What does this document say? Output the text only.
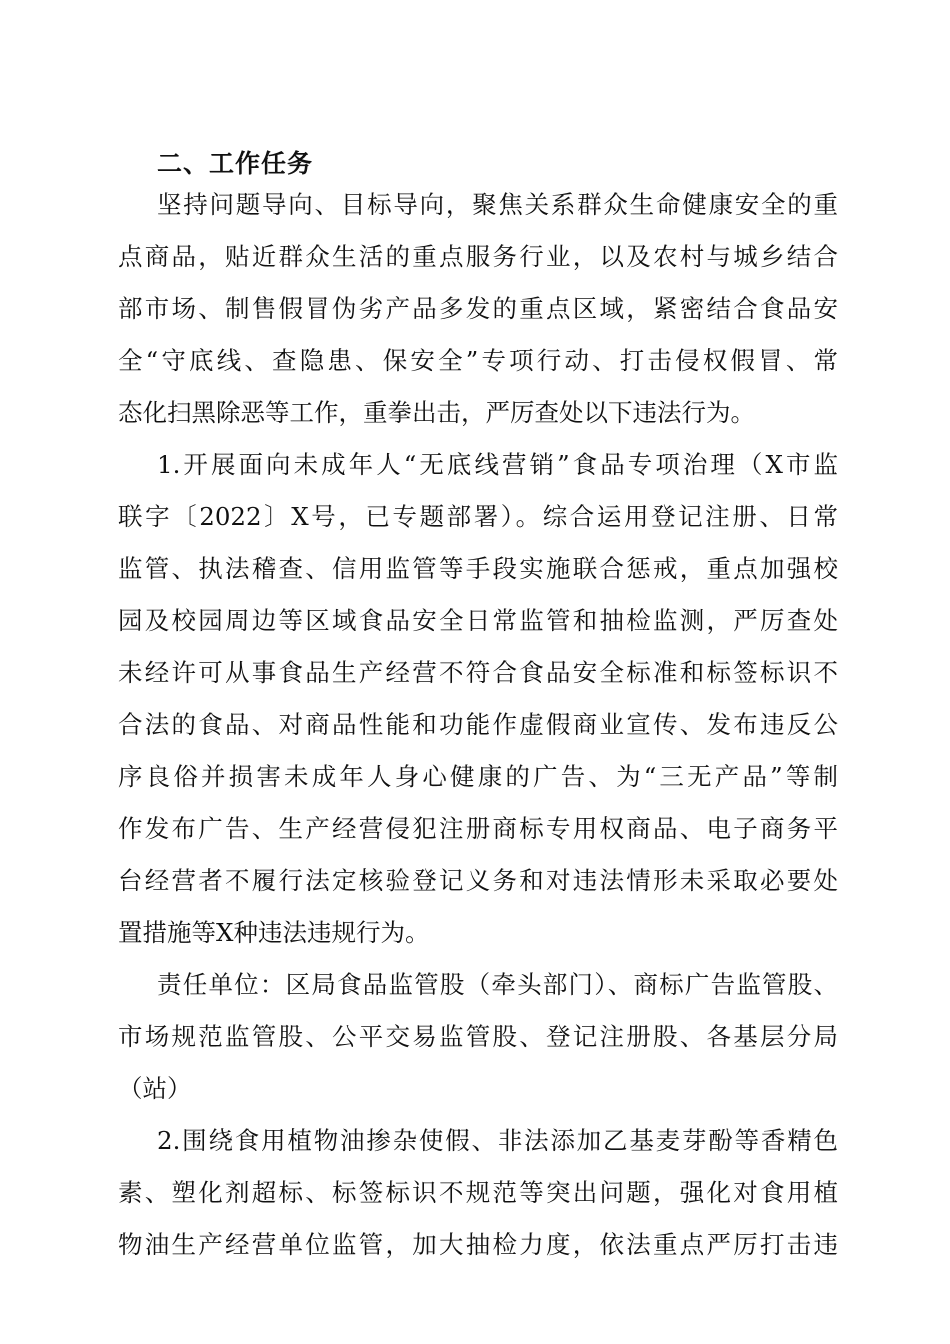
二、工作任务
坚持问题导向、目标导向，聚焦关系群众生命健康安全的重
点商品，贴近群众生活的重点服务行业，以及农村与城乡结合
部市场、制售假冒伪劣产品多发的重点区域，紧密结合食品安
全“守底线、查隐患、保安全”专项行动、打击侵权假冒、常
态化扫黑除恶等工作，重拳出击，严厉查处以下违法行为。
1.开展面向未成年人“无底线营销”食品专项治理（X市监
联字〔2022〕X号，已专题部署）。综合运用登记注册、日常
监管、执法稽查、信用监管等手段实施联合惩戒，重点加强校
园及校园周边等区域食品安全日常监管和抽检监测，严厉查处
未经许可从事食品生产经营不符合食品安全标准和标签标识不
合法的食品、对商品性能和功能作虚假商业宣传、发布违反公
序良俗并损害未成年人身心健康的广告、为“三无产品”等制
作发布广告、生产经营侵犯注册商标专用权商品、电子商务平
台经营者不履行法定核验登记义务和对违法情形未采取必要处
置措施等X种违法违规行为。
责任单位：区局食品监管股（牵头部门）、商标广告监管股、
市场规范监管股、公平交易监管股、登记注册股、各基层分局
（站）
2.围绕食用植物油掺杂使假、非法添加乙基麦芽酚等香精色
素、塑化剂超标、标签标识不规范等突出问题，强化对食用植
物油生产经营单位监管，加大抽检力度，依法重点严厉打击违
